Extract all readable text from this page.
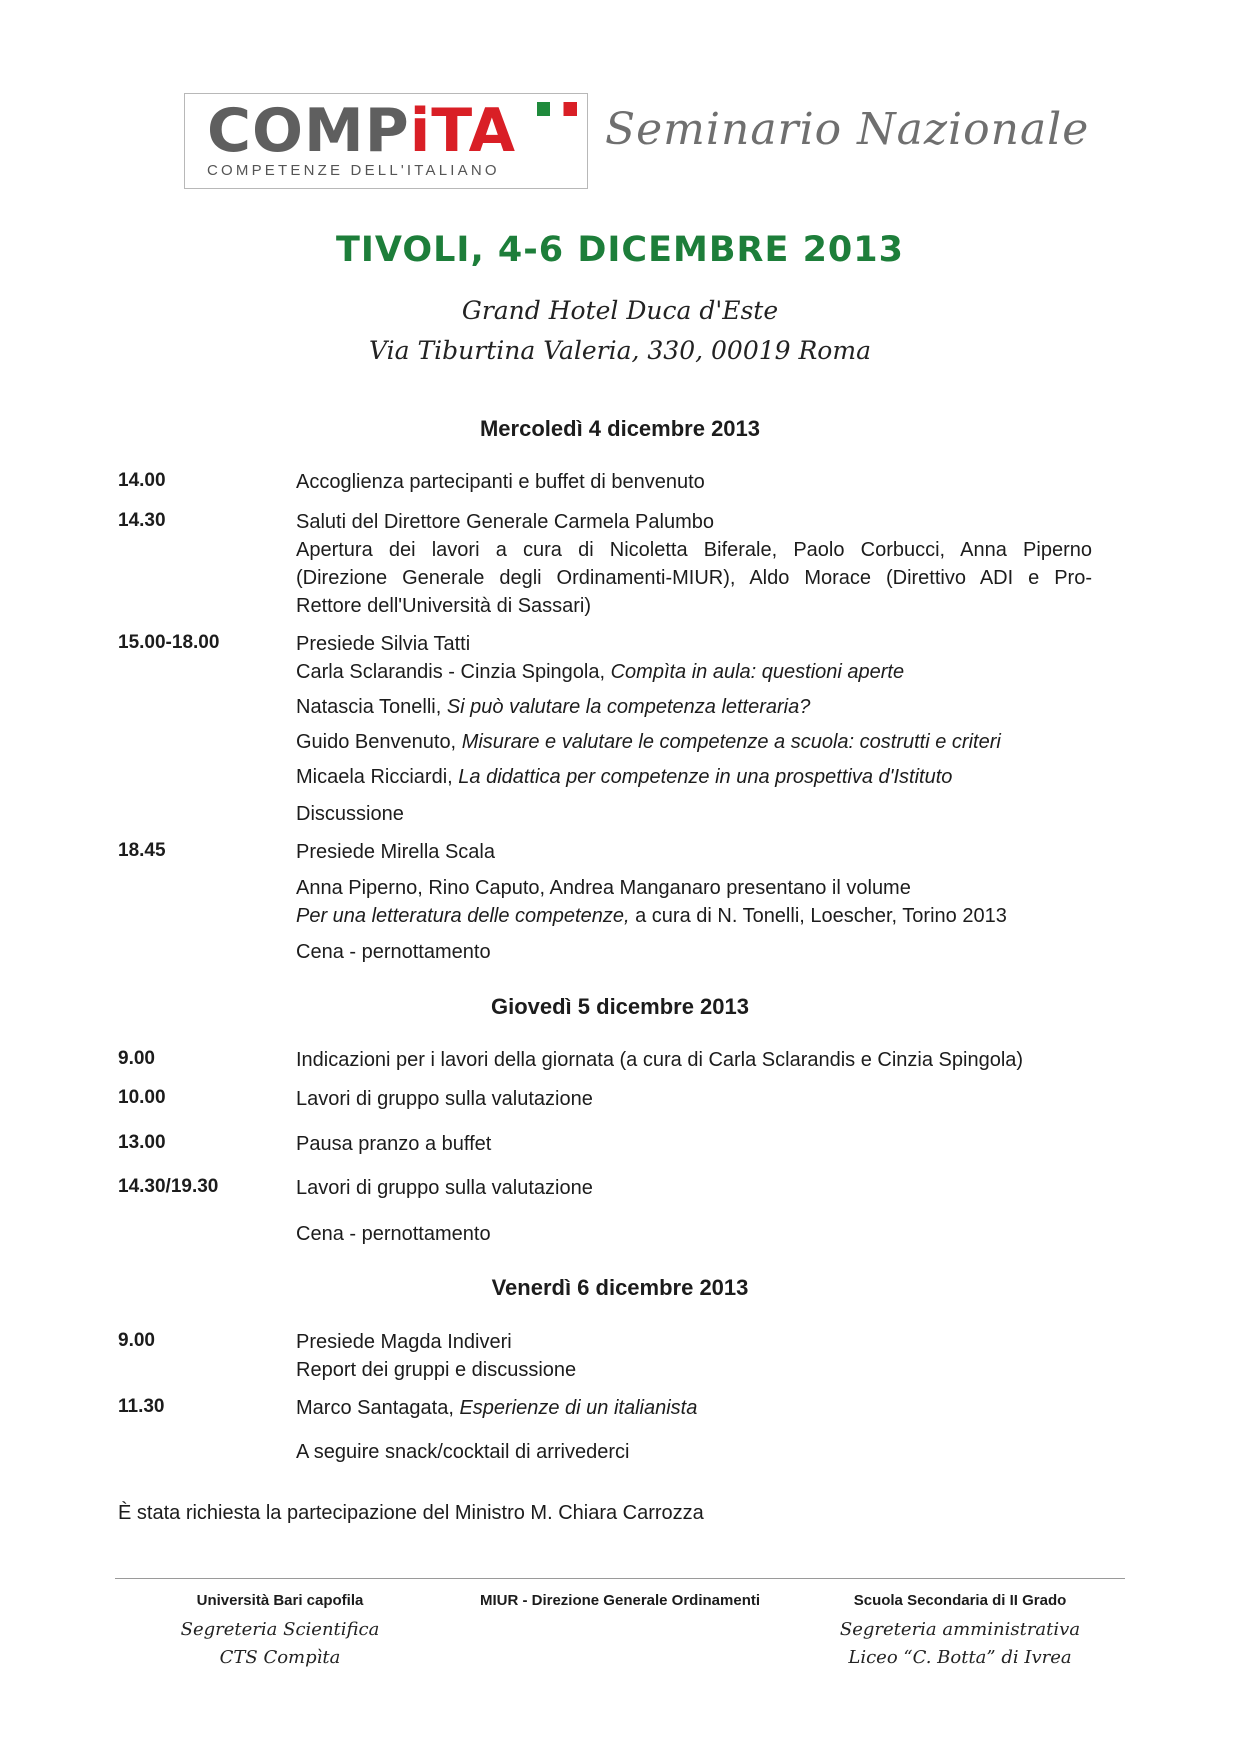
COMPiTA
COMPETENZE DELL'ITALIANO
Seminario Nazionale
TIVOLI, 4-6 DICEMBRE 2013
Grand Hotel Duca d'Este
Via Tiburtina Valeria, 330, 00019 Roma
Mercoledì 4 dicembre 2013
14.00	Accoglienza partecipanti e buffet di benvenuto
14.30	Saluti del Direttore Generale Carmela Palumbo
Apertura dei lavori a cura di Nicoletta Biferale, Paolo Corbucci, Anna Piperno
(Direzione Generale degli Ordinamenti-MIUR), Aldo Morace (Direttivo ADI e Pro-
Rettore dell'Università di Sassari)
15.00-18.00	Presiede Silvia Tatti
Carla Sclarandis - Cinzia Spingola, Compìta in aula: questioni aperte
Natascia Tonelli, Si può valutare la competenza letteraria?
Guido Benvenuto, Misurare e valutare le competenze a scuola: costrutti e criteri
Micaela Ricciardi, La didattica per competenze in una prospettiva d'Istituto
Discussione
18.45	Presiede Mirella Scala
Anna Piperno, Rino Caputo, Andrea Manganaro presentano il volume
Per una letteratura delle competenze, a cura di N. Tonelli, Loescher, Torino 2013
Cena - pernottamento
Giovedì 5 dicembre 2013
9.00	Indicazioni per i lavori della giornata (a cura di Carla Sclarandis e Cinzia Spingola)
10.00	Lavori di gruppo sulla valutazione
13.00	Pausa pranzo a buffet
14.30/19.30	Lavori di gruppo sulla valutazione
Cena - pernottamento
Venerdì 6 dicembre 2013
9.00	Presiede Magda Indiveri
Report dei gruppi e discussione
11.30	Marco Santagata, Esperienze di un italianista
A seguire snack/cocktail di arrivederci
È stata richiesta la partecipazione del Ministro M. Chiara Carrozza
Università Bari capofila
Segreteria Scientifica
CTS Compìta
MIUR - Direzione Generale Ordinamenti	Scuola Secondaria di II Grado
Segreteria amministrativa
Liceo “C. Botta” di Ivrea
